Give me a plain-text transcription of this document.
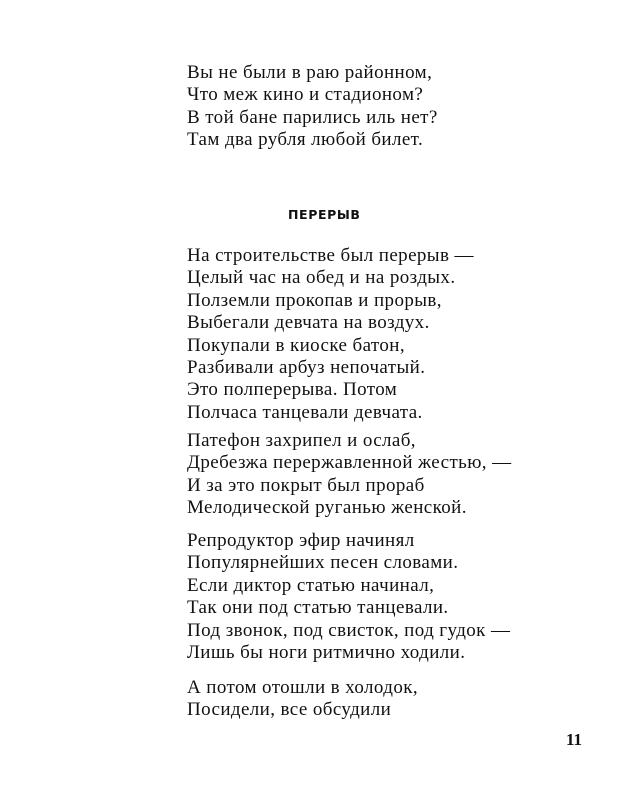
Вы не были в раю районном,
Что меж кино и стадионом?
В той бане парились иль нет?
Там два рубля любой билет.
ПЕРЕРЫВ
На строительстве был перерыв —
Целый час на обед и на роздых.
Полземли прокопав и прорыв,
Выбегали девчата на воздух.
Покупали в киоске батон,
Разбивали арбуз непочатый.
Это полперерыва. Потом
Полчаса танцевали девчата.
Патефон захрипел и ослаб,
Дребезжа перержавленной жестью, —
И за это покрыт был прораб
Мелодической руганью женской.
Репродуктор эфир начинял
Популярнейших песен словами.
Если диктор статью начинал,
Так они под статью танцевали.
Под звонок, под свисток, под гудок —
Лишь бы ноги ритмично ходили.
А потом отошли в холодок,
Посидели, все обсудили
11
